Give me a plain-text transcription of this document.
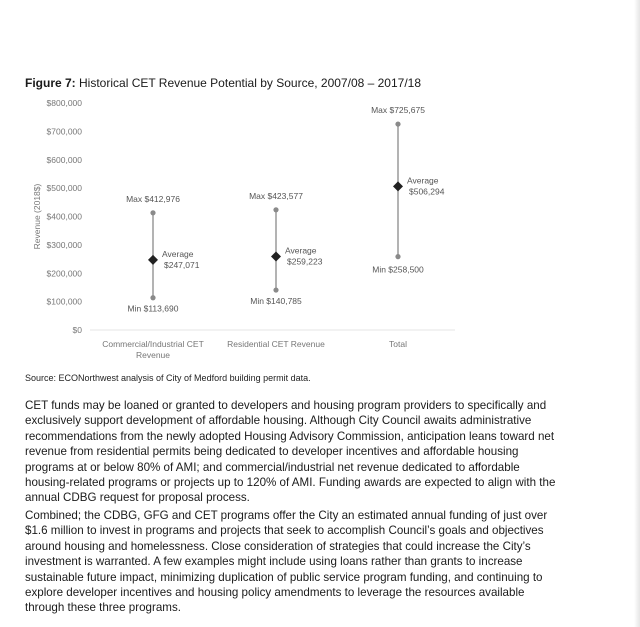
Figure 7: Historical CET Revenue Potential by Source, 2007/08 – 2017/18
$0
$100,000
$200,000
$300,000
$400,000
$500,000
$600,000
$700,000
$800,000
Revenue (2018$)	Max $412,976
Min $113,690
Average
$247,071
Commercial/Industrial CET
Revenue
Max $423,577
Min $140,785
Average
$259,223
Residential CET Revenue
Max $725,675
Min $258,500
Average
$506,294
Total
Source: ECONorthwest analysis of City of Medford building permit data.

CET funds may be loaned or granted to developers and housing program providers to specifically and exclusively support development of affordable housing. Although City Council awaits administrative recommendations from the newly adopted Housing Advisory Commission, anticipation leans toward net revenue from residential permits being dedicated to developer incentives and affordable housing programs at or below 80% of AMI; and commercial/industrial net revenue dedicated to affordable housing-related programs or projects up to 120% of AMI. Funding awards are expected to align with the annual CDBG request for proposal process.

Combined; the CDBG, GFG and CET programs offer the City an estimated annual funding of just over $1.6 million to invest in programs and projects that seek to accomplish Council’s goals and objectives around housing and homelessness. Close consideration of strategies that could increase the City’s investment is warranted. A few examples might include using loans rather than grants to increase sustainable future impact, minimizing duplication of public service program funding, and continuing to explore developer incentives and housing policy amendments to leverage the resources available through these three programs.
